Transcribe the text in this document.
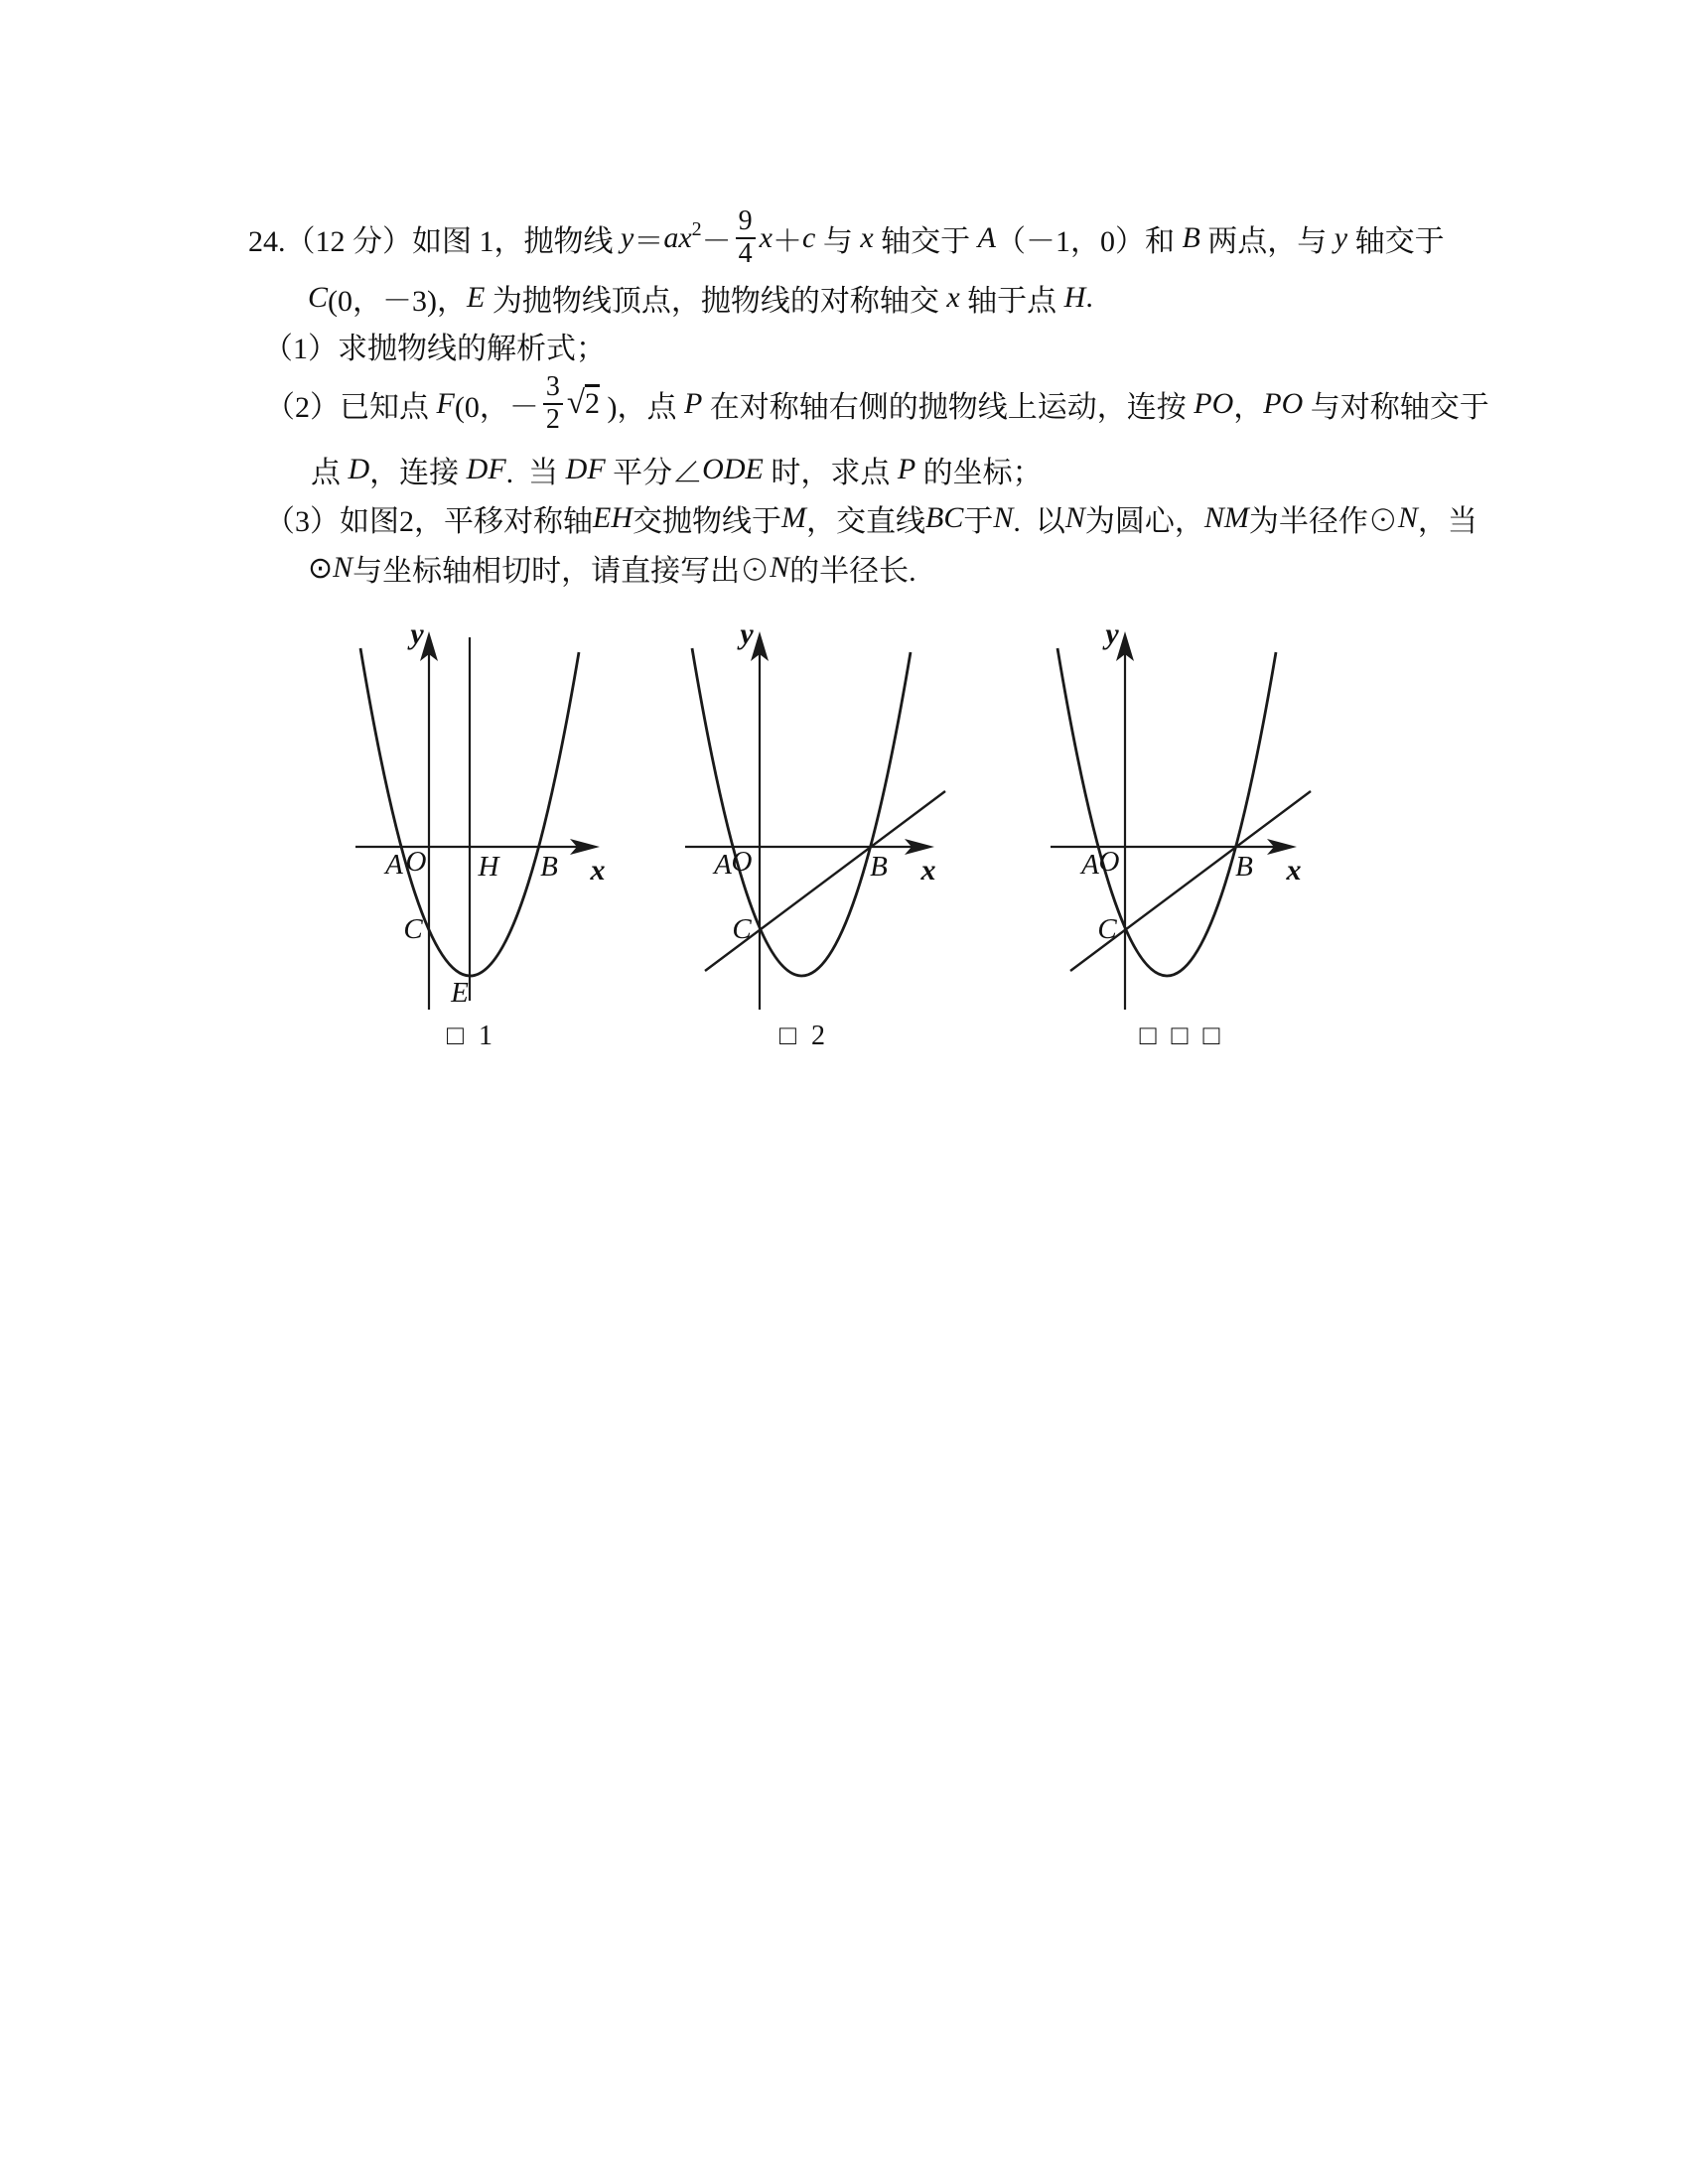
24.（12 分）如图 1，抛物线 y ＝ ax $2 - \frac{9}{4}$ x ＋ c 与 x 轴交于 A （－1，0）和 B 两点，与 y 轴交于
C (0，－3)， E 为抛物线顶点，抛物线的对称轴交 x 轴于点 H .
（1）求抛物线的解析式；
（2）已知点 F (0，－ $\frac{3}{2}$ √ 2 )，点 P 在对称轴右侧的抛物线上运动，连按 PO ， PO 与对称轴交于
点 D ，连接 DF .  当 DF 平分∠ ODE 时，求点 P 的坐标；
（3）如图2，平移对称轴 EH 交抛物线于 M ，交直线 BC 于 N .  以 N 为圆心， NM 为半径作⊙ N ，当
⊙ N 与坐标轴相切时，请直接写出⊙ N 的半径长.
y
x
A O H B
C
E
□ 1
y
x
A O	B
C
□ 2
y
x
A O	B
C
□ □ □
